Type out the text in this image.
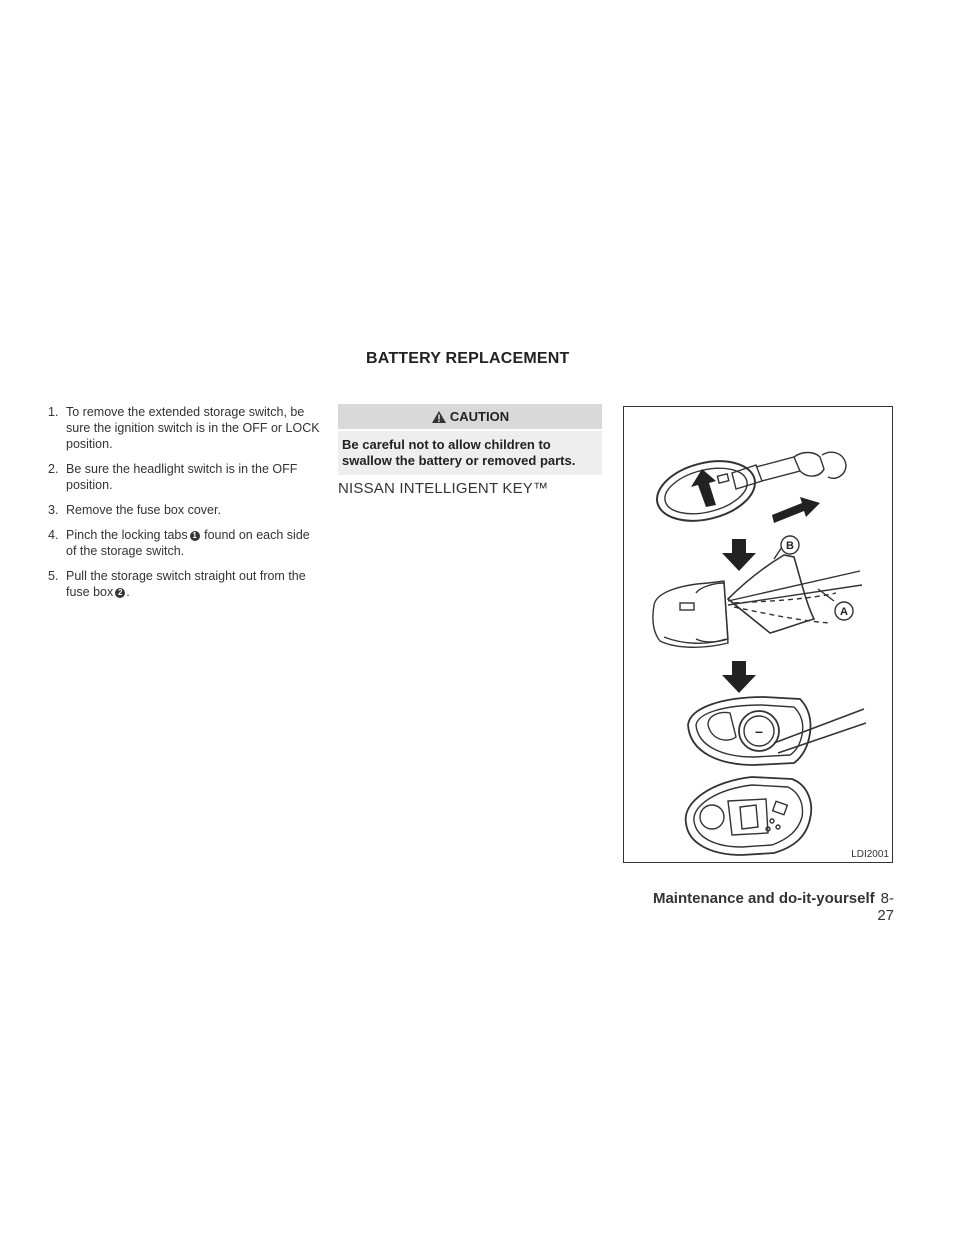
BATTERY REPLACEMENT

1. To remove the extended storage switch, be sure the ignition switch is in the OFF or LOCK position.

2. Be sure the headlight switch is in the OFF position.

3. Remove the fuse box cover.

4. Pinch the locking tabs 1 found on each side of the storage switch.

5. Pull the storage switch straight out from the fuse box 2 .

CAUTION
Be careful not to allow children to swallow the battery or removed parts.
NISSAN INTELLIGENT KEY™
B
A
–
LDI2001
Maintenance and do-it-yourself 8-27
